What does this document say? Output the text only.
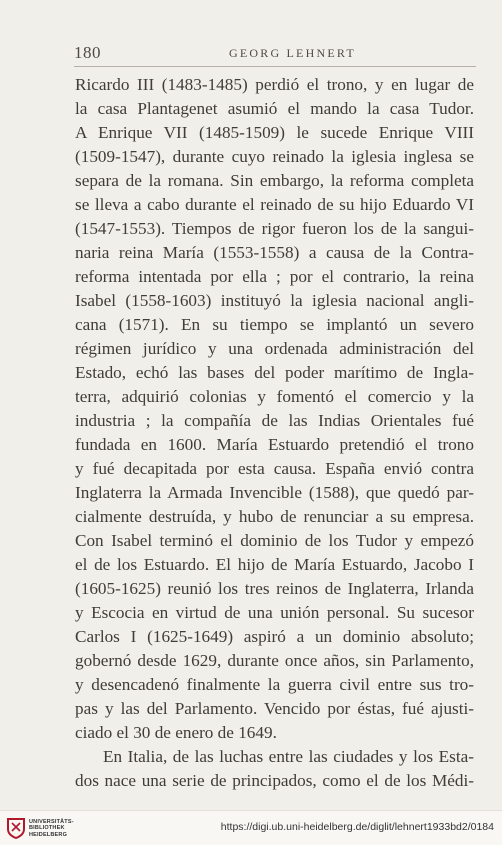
180	GEORG LEHNERT
Ricardo III (1483-1485) perdió el trono, y en lugar de
la casa Plantagenet asumió el mando la casa Tudor.
A Enrique VII (1485-1509) le sucede Enrique VIII
(1509-1547), durante cuyo reinado la iglesia inglesa se
separa de la romana. Sin embargo, la reforma completa
se lleva a cabo durante el reinado de su hijo Eduardo VI
(1547-1553). Tiempos de rigor fueron los de la sangui-
naria reina María (1553-1558) a causa de la Contra-
reforma intentada por ella ; por el contrario, la reina
Isabel (1558-1603) instituyó la iglesia nacional angli-
cana (1571). En su tiempo se implantó un severo
régimen jurídico y una ordenada administración del
Estado, echó las bases del poder marítimo de Ingla-
terra, adquirió colonias y fomentó el comercio y la
industria ; la compañía de las Indias Orientales fué
fundada en 1600. María Estuardo pretendió el trono
y fué decapitada por esta causa. España envió contra
Inglaterra la Armada Invencible (1588), que quedó par-
cialmente destruída, y hubo de renunciar a su empresa.
Con Isabel terminó el dominio de los Tudor y empezó
el de los Estuardo. El hijo de María Estuardo, Jacobo I
(1605-1625) reunió los tres reinos de Inglaterra, Irlanda
y Escocia en virtud de una unión personal. Su sucesor
Carlos I (1625-1649) aspiró a un dominio absoluto;
gobernó desde 1629, durante once años, sin Parlamento,
y desencadenó finalmente la guerra civil entre sus tro-
pas y las del Parlamento. Vencido por éstas, fué ajusti-
ciado el 30 de enero de 1649.
En Italia, de las luchas entre las ciudades y los Esta-
dos nace una serie de principados, como el de los Médi-
UNIVERSITÄTS-
BIBLIOTHEK
HEIDELBERG
https://digi.ub.uni-heidelberg.de/diglit/lehnert1933bd2/0184
